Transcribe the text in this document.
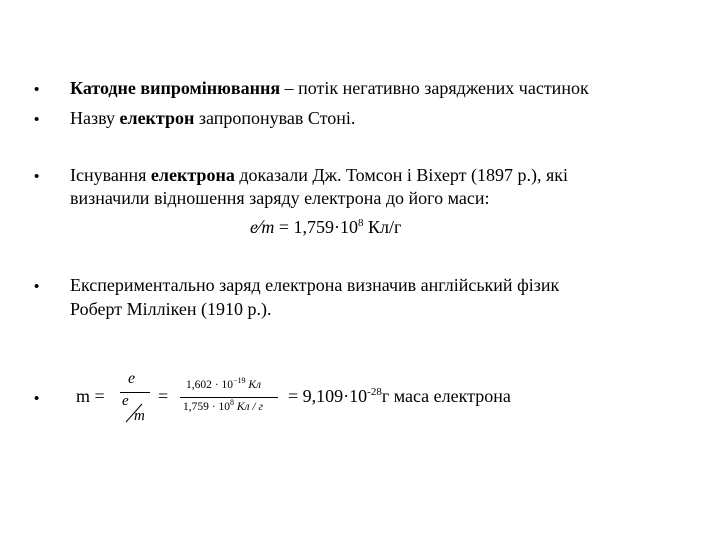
• Катодне випромінювання – потік негативно заряджених частинок
• Назву електрон запропонував Стоні.
• Існування електрона доказали Дж. Томсон і Віхерт (1897 р.), які
визначили відношення заряду електрона до його маси:
e⁄m = $1,759\cdot 10^8$ Кл/г
• Експериментально заряд електрона визначив англійський фізик
Роберт Міллікен (1910 р.).
• m =
e
e
m
=
$1,602 \cdot 10^{-19}$ Кл
$1,759 \cdot 10^8$ Кл / г
= $9,109\cdot 10^{-28}г$ маса електрона
